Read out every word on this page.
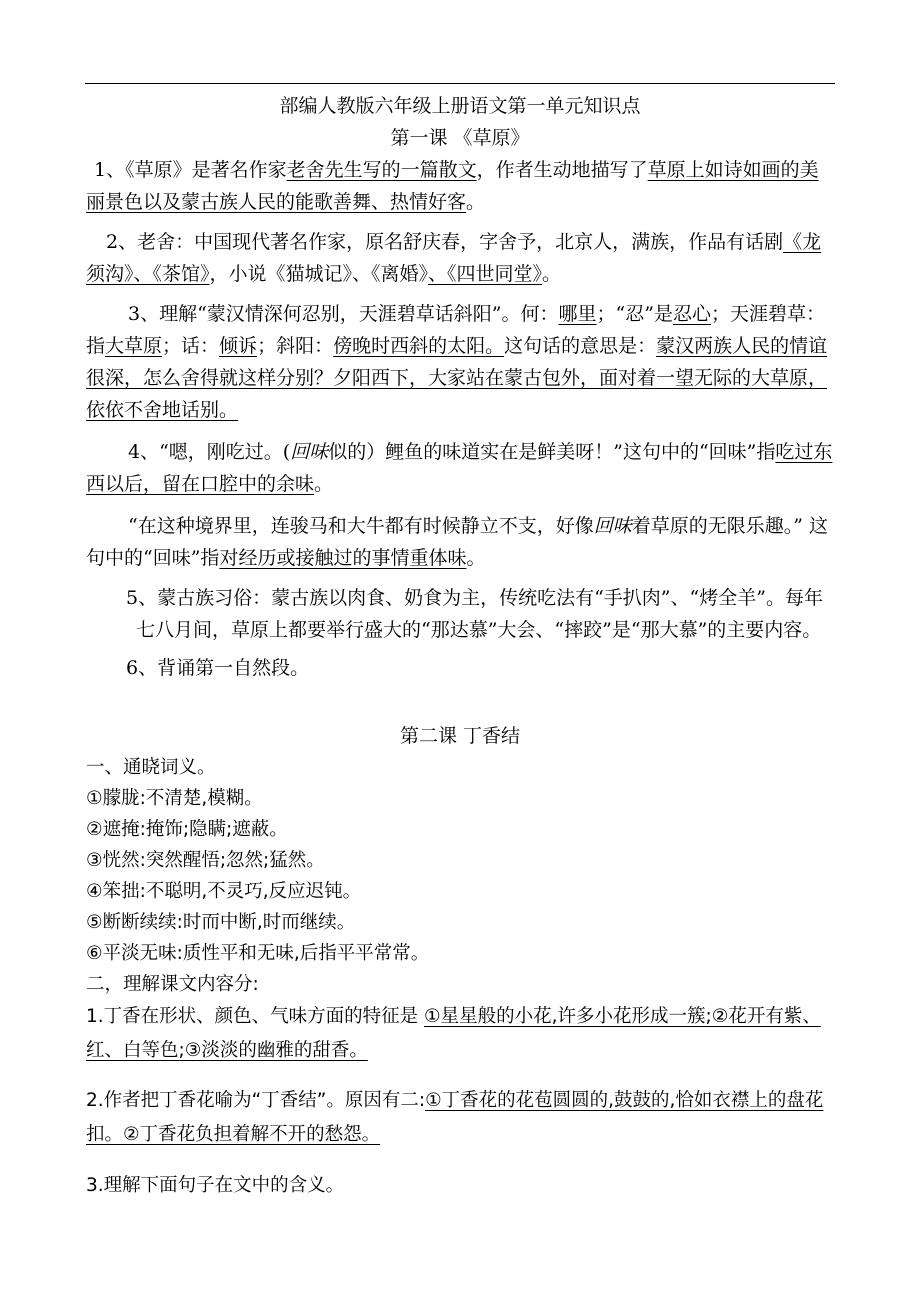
部编人教版六年级上册语文第一单元知识点

第一课 《草原》

1、《草原》是著名作家老舍先生写的一篇散文，作者生动地描写了草原上如诗如画的美丽景色以及蒙古族人民的能歌善舞、热情好客。

2、老舍：中国现代著名作家，原名舒庆春，字舍予，北京人，满族，作品有话剧《龙须沟》、《茶馆》，小说《猫城记》、《离婚》、《四世同堂》。

3、理解“蒙汉情深何忍别，天涯碧草话斜阳”。何：哪里；“忍”是忍心；天涯碧草：指大草原；话：倾诉；斜阳：傍晚时西斜的太阳。这句话的意思是：蒙汉两族人民的情谊很深，怎么舍得就这样分别？夕阳西下，大家站在蒙古包外，面对着一望无际的大草原，依依不舍地话别。

4、“嗯，刚吃过。(回味似的）鲤鱼的味道实在是鲜美呀！”这句中的“回味”指吃过东西以后，留在口腔中的余味。

“在这种境界里，连骏马和大牛都有时候静立不支，好像回味着草原的无限乐趣。” 这句中的“回味”指对经历或接触过的事情重体味。

5、蒙古族习俗：蒙古族以肉食、奶食为主，传统吃法有“手扒肉”、“烤全羊”。每年七八月间，草原上都要举行盛大的“那达慕”大会、“摔跤”是“那大慕”的主要内容。

6、背诵第一自然段。

第二课 丁香结

一、通晓词义。

①朦胧:不清楚,模糊。

②遮掩:掩饰;隐瞒;遮蔽。

③恍然:突然醒悟;忽然;猛然。

④笨拙:不聪明,不灵巧,反应迟钝。

⑤断断续续:时而中断,时而继续。

⑥平淡无味:质性平和无味,后指平平常常。

二，理解课文内容分:

1.丁香在形状、颜色、气味方面的特征是 ①星星般的小花,许多小花形成一簇;②花开有紫、红、白等色;③淡淡的幽雅的甜香。

2.作者把丁香花喻为“丁香结”。原因有二:①丁香花的花苞圆圆的,鼓鼓的,恰如衣襟上的盘花扣。②丁香花负担着解不开的愁怨。

3.理解下面句子在文中的含义。
